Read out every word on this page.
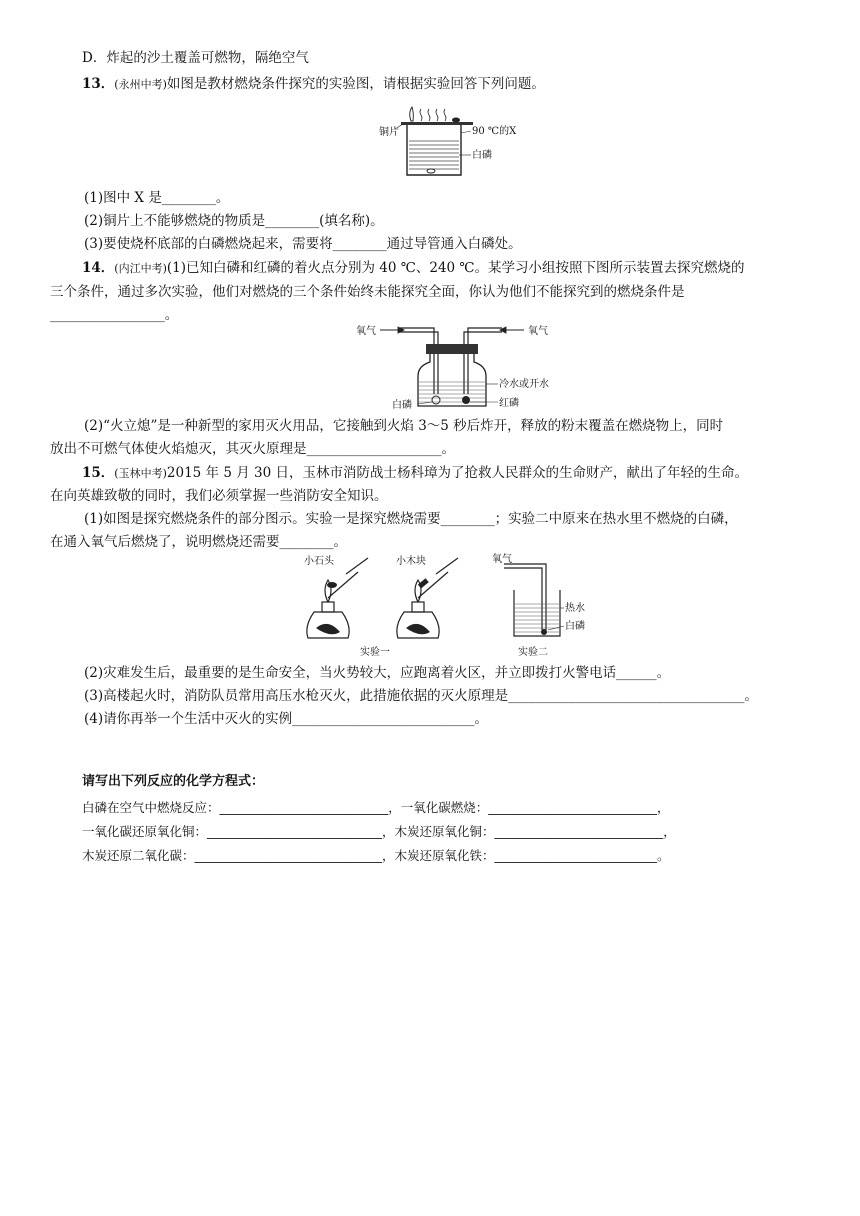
D．炸起的沙土覆盖可燃物，隔绝空气
13．(永州中考)如图是教材燃烧条件探究的实验图，请根据实验回答下列问题。
铜片	90 ℃的X
白磷
(1)图中 X 是________。
(2)铜片上不能够燃烧的物质是________(填名称)。
(3)要使烧杯底部的白磷燃烧起来，需要将________通过导管通入白磷处。
14．(内江中考)(1)已知白磷和红磷的着火点分别为 40 ℃、240 ℃。某学习小组按照下图所示装置去探究燃烧的
三个条件，通过多次实验，他们对燃烧的三个条件始终未能探究全面，你认为他们不能探究到的燃烧条件是
_________________。
氧气	氧气
冷水或开水
白磷	红磷
(2)“火立熄”是一种新型的家用灭火用品，它接触到火焰 3～5 秒后炸开，释放的粉末覆盖在燃烧物上，同时
放出不可燃气体使火焰熄灭，其灭火原理是____________________。
15．(玉林中考)2015 年 5 月 30 日，玉林市消防战士杨科璋为了抢救人民群众的生命财产，献出了年轻的生命。
在向英雄致敬的同时，我们必须掌握一些消防安全知识。
(1)如图是探究燃烧条件的部分图示。实验一是探究燃烧需要________；实验二中原来在热水里不燃烧的白磷，
在通入氧气后燃烧了，说明燃烧还需要________。
小石头	小木块	氧气
热水
白磷
实验一	实验二
(2)灾难发生后，最重要的是生命安全，当火势较大，应跑离着火区，并立即拨打火警电话______。
(3)高楼起火时，消防队员常用高压水枪灭火，此措施依据的灭火原理是___________________________________。
(4)请你再举一个生活中灭火的实例___________________________。
请写出下列反应的化学方程式：
白磷在空气中燃烧反应：___________________________，一氧化碳燃烧：___________________________，
一氧化碳还原氧化铜：____________________________，木炭还原氧化铜：___________________________，
木炭还原二氧化碳：______________________________，木炭还原氧化铁：__________________________。
